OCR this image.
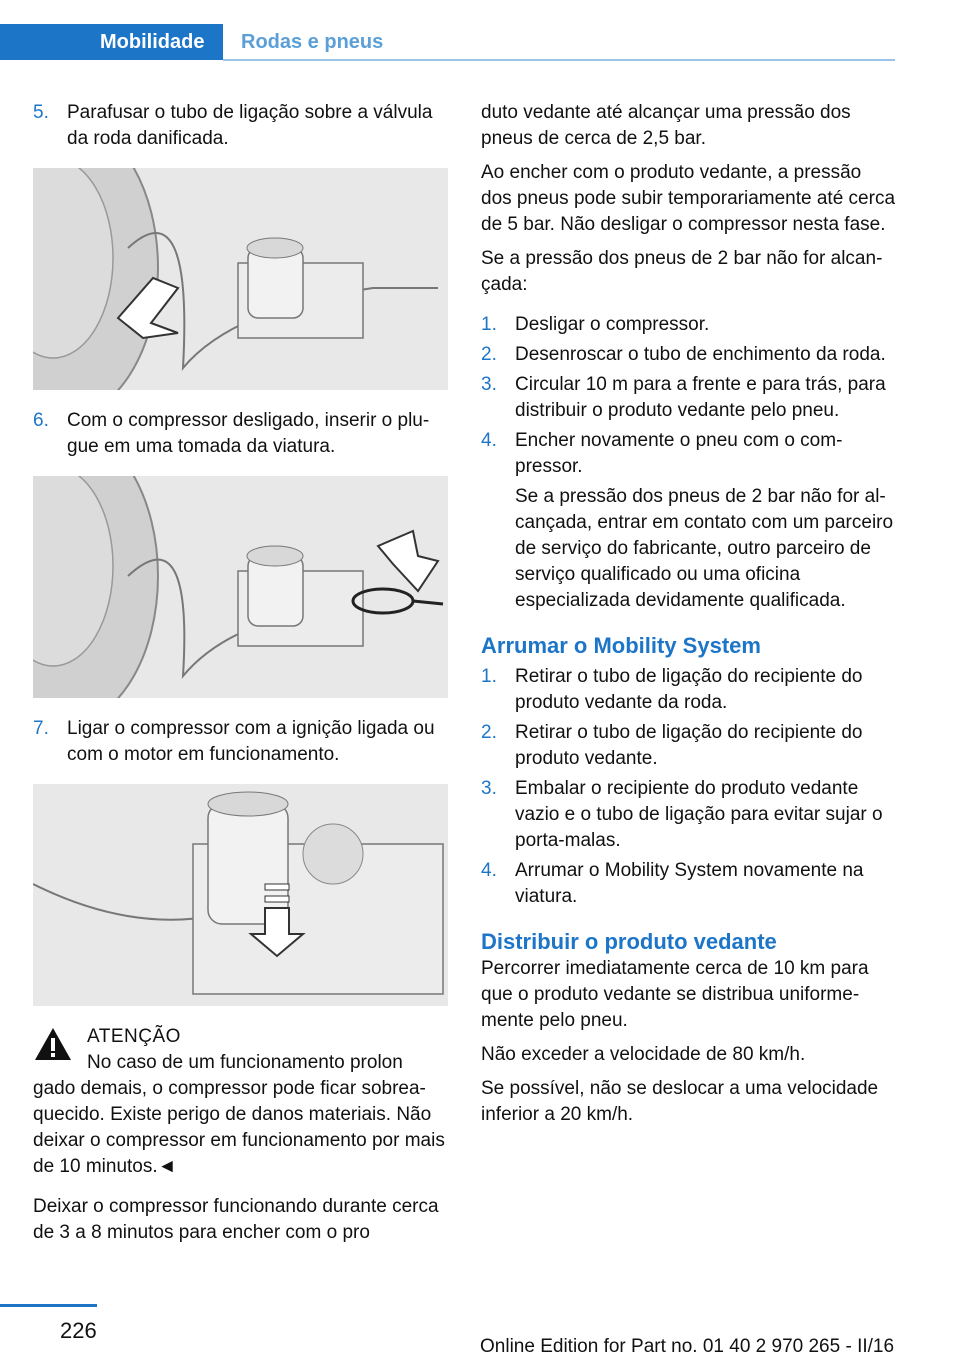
Mobilidade	Rodas e pneus
5. Parafusar o tubo de ligação sobre a válvula da roda danificada.
6. Com o compressor desligado, inserir o plugue em uma tomada da viatura.
7. Ligar o compressor com a ignição ligada ou com o motor em funcionamento.
ATENÇÃO
No caso de um funcionamento prolon
gado demais, o compressor pode ficar sobreaquecido. Existe perigo de danos materiais. Não deixar o compressor em funcionamento por mais de 10 minutos.◄
Deixar o compressor funcionando durante cerca de 3 a 8 minutos para encher com o pro
duto vedante até alcançar uma pressão dos pneus de cerca de 2,5 bar.
Ao encher com o produto vedante, a pressão dos pneus pode subir temporariamente até cerca de 5 bar. Não desligar o compressor nesta fase.
Se a pressão dos pneus de 2 bar não for alcançada:
1. Desligar o compressor.
2. Desenroscar o tubo de enchimento da roda.
3. Circular 10 m para a frente e para trás, para distribuir o produto vedante pelo pneu.
4. Encher novamente o pneu com o compressor.
Se a pressão dos pneus de 2 bar não for alcançada, entrar em contato com um parceiro de serviço do fabricante, outro parceiro de serviço qualificado ou uma oficina especializada devidamente qualificada.
Arrumar o Mobility System
1. Retirar o tubo de ligação do recipiente do produto vedante da roda.
2. Retirar o tubo de ligação do recipiente do produto vedante.
3. Embalar o recipiente do produto vedante vazio e o tubo de ligação para evitar sujar o porta-malas.
4. Arrumar o Mobility System novamente na viatura.
Distribuir o produto vedante
Percorrer imediatamente cerca de 10 km para que o produto vedante se distribua uniformemente pelo pneu.
Não exceder a velocidade de 80 km/h.
Se possível, não se deslocar a uma velocidade inferior a 20 km/h.
226
Online Edition for Part no. 01 40 2 970 265 - II/16
